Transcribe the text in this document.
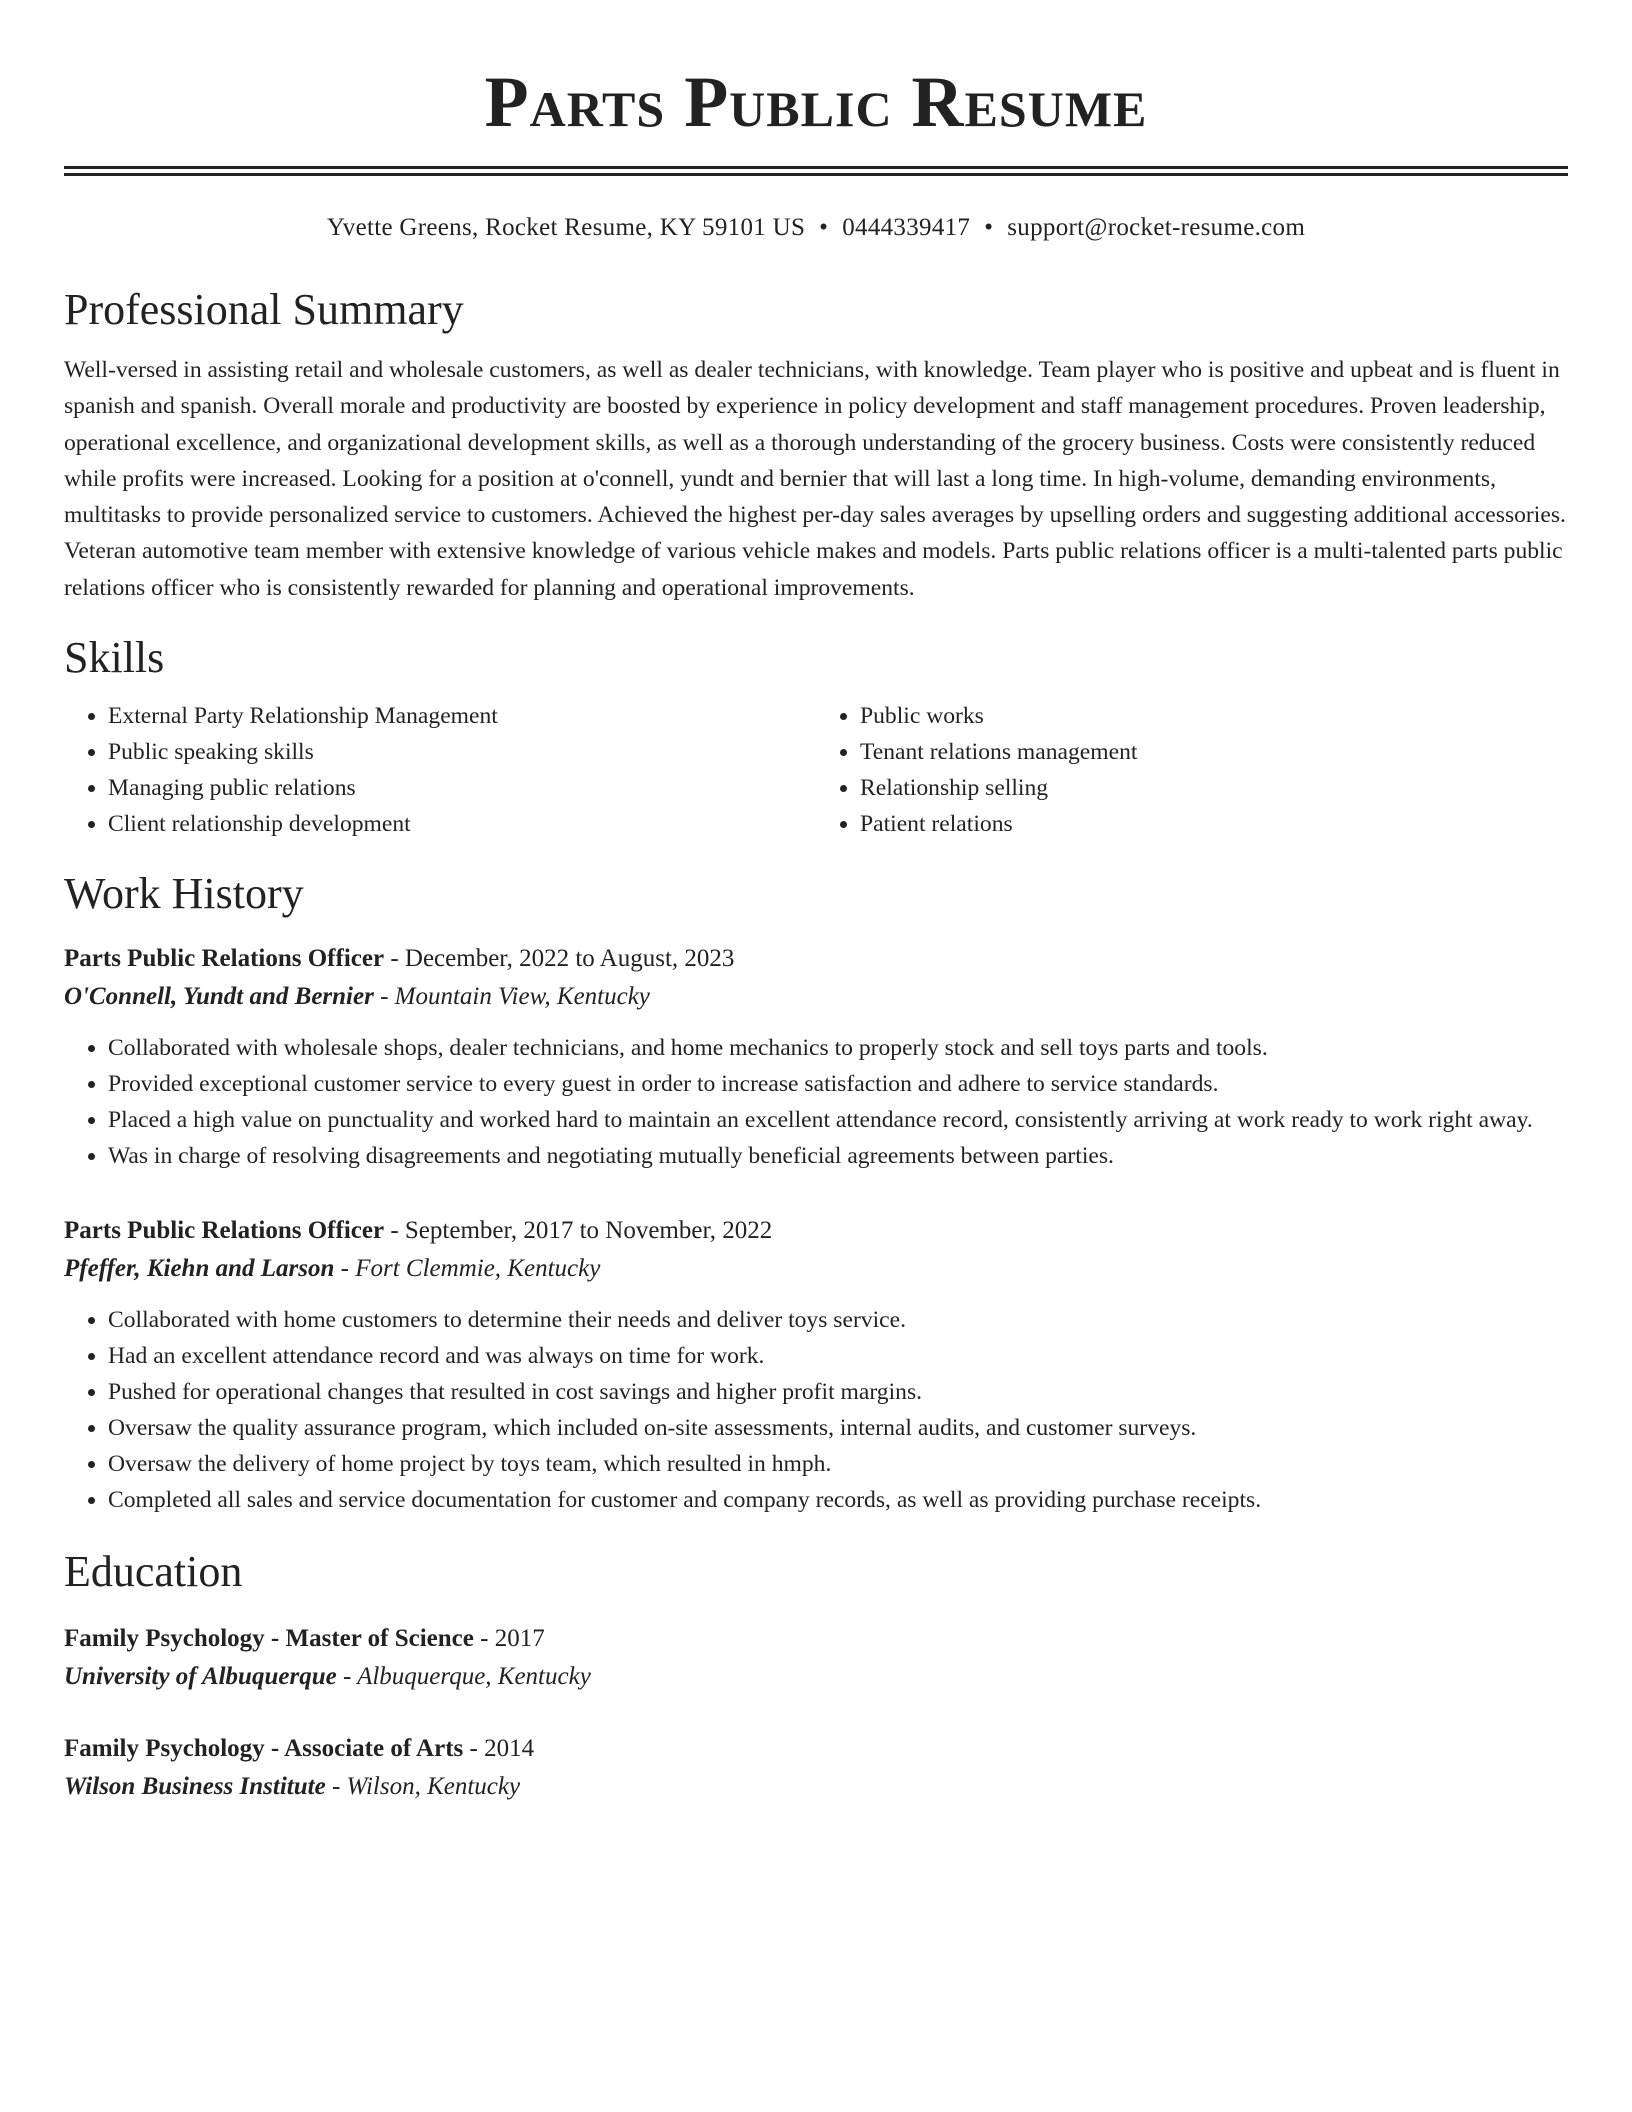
Parts Public Resume
Yvette Greens, Rocket Resume, KY 59101 US • 0444339417 • support@rocket-resume.com
Professional Summary

Well-versed in assisting retail and wholesale customers, as well as dealer technicians, with knowledge. Team player who is positive and upbeat and is fluent in spanish and spanish. Overall morale and productivity are boosted by experience in policy development and staff management procedures. Proven leadership, operational excellence, and organizational development skills, as well as a thorough understanding of the grocery business. Costs were consistently reduced while profits were increased. Looking for a position at o'connell, yundt and bernier that will last a long time. In high-volume, demanding environments, multitasks to provide personalized service to customers. Achieved the highest per-day sales averages by upselling orders and suggesting additional accessories. Veteran automotive team member with extensive knowledge of various vehicle makes and models. Parts public relations officer is a multi-talented parts public relations officer who is consistently rewarded for planning and operational improvements.

Skills
• External Party Relationship Management
• Public speaking skills
• Managing public relations
• Client relationship development
• Public works
• Tenant relations management
• Relationship selling
• Patient relations
Work History
Parts Public Relations Officer - December, 2022 to August, 2023
O'Connell, Yundt and Bernier - Mountain View, Kentucky
• Collaborated with wholesale shops, dealer technicians, and home mechanics to properly stock and sell toys parts and tools.
• Provided exceptional customer service to every guest in order to increase satisfaction and adhere to service standards.
• Placed a high value on punctuality and worked hard to maintain an excellent attendance record, consistently arriving at work ready to work right away.
• Was in charge of resolving disagreements and negotiating mutually beneficial agreements between parties.
Parts Public Relations Officer - September, 2017 to November, 2022
Pfeffer, Kiehn and Larson - Fort Clemmie, Kentucky
• Collaborated with home customers to determine their needs and deliver toys service.
• Had an excellent attendance record and was always on time for work.
• Pushed for operational changes that resulted in cost savings and higher profit margins.
• Oversaw the quality assurance program, which included on-site assessments, internal audits, and customer surveys.
• Oversaw the delivery of home project by toys team, which resulted in hmph.
• Completed all sales and service documentation for customer and company records, as well as providing purchase receipts.
Education
Family Psychology - Master of Science - 2017
University of Albuquerque - Albuquerque, Kentucky
Family Psychology - Associate of Arts - 2014
Wilson Business Institute - Wilson, Kentucky
